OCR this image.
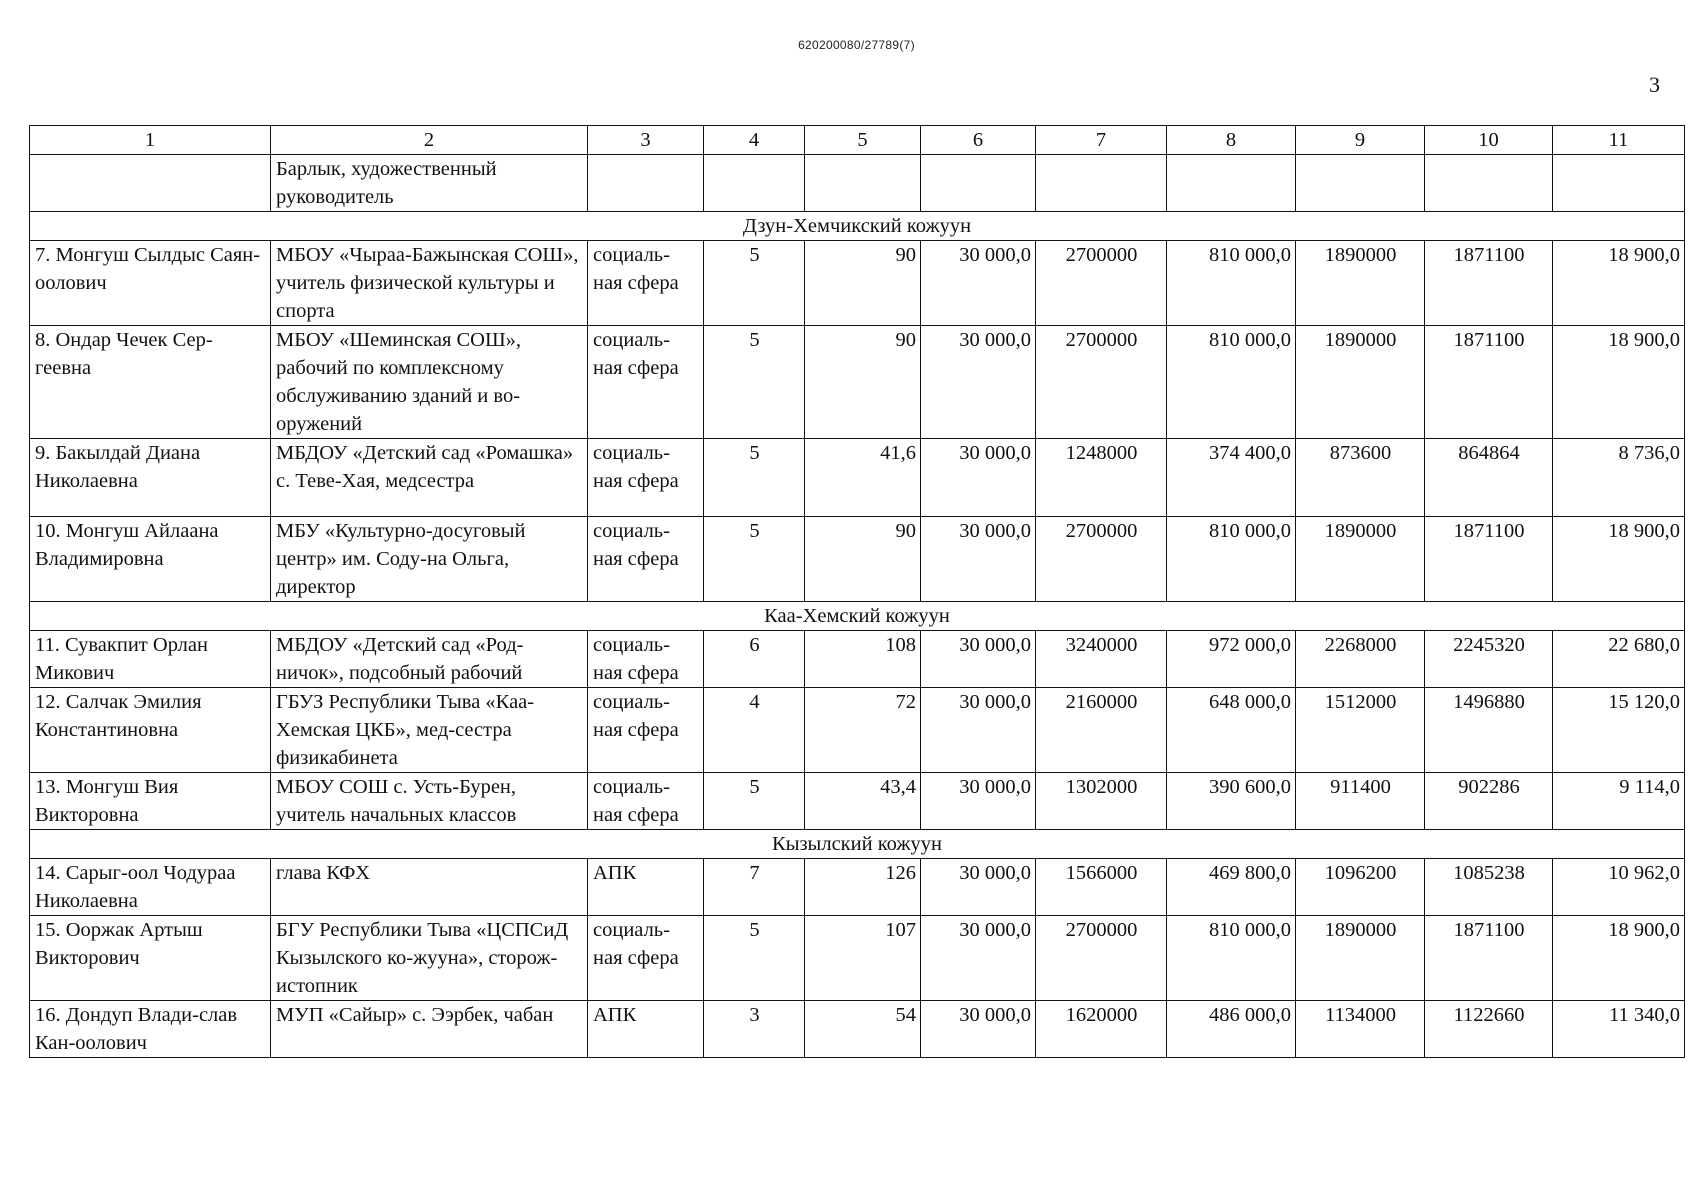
620200080/27789(7)
3
1	2	3	4	5	6	7	8	9	10	11
	Барлык, художественный руководитель									
Дзун-Хемчикский кожуун										
7. Монгуш Сылдыс Саян-оолович	МБОУ «Чыраа-Бажынская СОШ», учитель физической культуры и спорта	социаль-ная сфера	5	90	30 000,0	2700000	810 000,0	1890000	1871100	18 900,0
8. Ондар Чечек Сер-геевна	МБОУ «Шеминская СОШ», рабочий по комплексному обслуживанию зданий и во-оружений	социаль-ная сфера	5	90	30 000,0	2700000	810 000,0	1890000	1871100	18 900,0
9. Бакылдай Диана Николаевна	МБДОУ «Детский сад «Ромашка» с. Теве-Хая, медсестра	социаль-ная сфера	5	41,6	30 000,0	1248000	374 400,0	873600	864864	8 736,0
10. Монгуш Айлаана Владимировна	МБУ «Культурно-досуговый центр» им. Соду-на Ольга, директор	социаль-ная сфера	5	90	30 000,0	2700000	810 000,0	1890000	1871100	18 900,0
Каа-Хемский кожуун										
11. Сувакпит Орлан Микович	МБДОУ «Детский сад «Род-ничок», подсобный рабочий	социаль-ная сфера	6	108	30 000,0	3240000	972 000,0	2268000	2245320	22 680,0
12. Салчак Эмилия Константиновна	ГБУЗ Республики Тыва «Каа-Хемская ЦКБ», мед-сестра физикабинета	социаль-ная сфера	4	72	30 000,0	2160000	648 000,0	1512000	1496880	15 120,0
13. Монгуш Вия Викторовна	МБОУ СОШ с. Усть-Бурен, учитель начальных классов	социаль-ная сфера	5	43,4	30 000,0	1302000	390 600,0	911400	902286	9 114,0
Кызылский кожуун										
14. Сарыг-оол Чодураа Николаевна	глава КФХ	АПК	7	126	30 000,0	1566000	469 800,0	1096200	1085238	10 962,0
15. Ооржак Артыш Викторович	БГУ Республики Тыва «ЦСПСиД Кызылского ко-жууна», сторож-истопник	социаль-ная сфера	5	107	30 000,0	2700000	810 000,0	1890000	1871100	18 900,0
16. Дондуп Влади-слав Кан-оолович	МУП «Сайыр» с. Ээрбек, чабан	АПК	3	54	30 000,0	1620000	486 000,0	1134000	1122660	11 340,0
